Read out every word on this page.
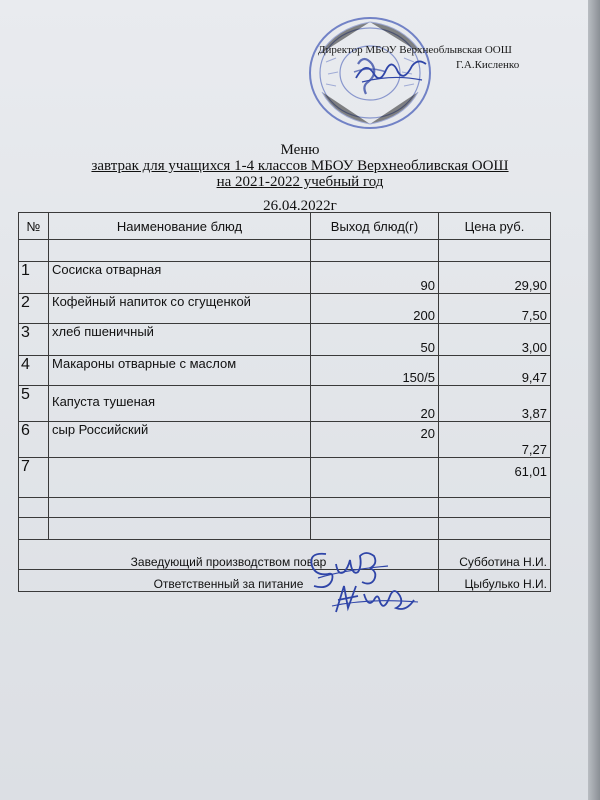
Директор МБОУ Верхнеоблывская ООШ
Г.А.Кисленко
Меню
завтрак для учащихся 1-4 классов МБОУ Верхнеобливская ООШ
на 2021-2022 учебный год
26.04.2022г
№	Наименование блюд	Выход блюд(г)	Цена руб.

1	Сосиска отварная	90	29,90
2	Кофейный напиток со сгущенкой	200	7,50
3	хлеб пшеничный	50	3,00
4	Макароны отварные с маслом	150/5	9,47
5	Капуста тушеная	20	3,87
6	сыр Российский	20	7,27
7			61,01

Заведующий производством повар			Субботина Н.И.
Ответственный за питание			Цыбулько Н.И.
